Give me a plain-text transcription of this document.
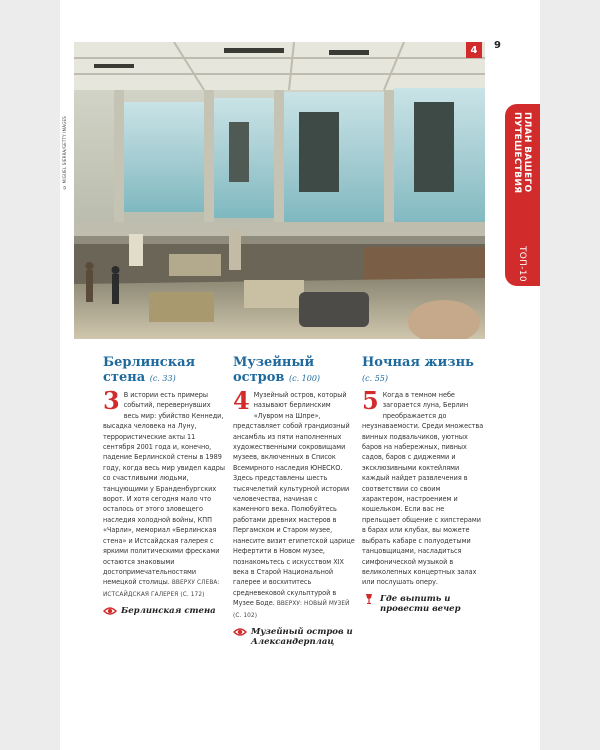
© MIGUEL SIERRA/GETTY IMAGES
4	9
ПЛАН ВАШЕГО ПУТЕШЕСТВИЯ
ТОП-10

Берлинская стена (с. 33)

3 В истории есть примеры событий, перевернувших весь мир: убийство Кеннеди, высадка человека на Луну, террористические акты 11 сентября 2001 года и, конечно, падение Берлинской стены в 1989 году, когда весь мир увидел кадры со счастливыми людьми, танцующими у Бранденбургских ворот. И хотя сегодня мало что осталось от этого зловещего наследия холодной войны, КПП «Чарли», мемориал «Берлинская стена» и Истсайдская галерея с яркими политическими фресками остаются знаковыми достопримечательностями немецкой столицы. ВВЕРХУ СЛЕВА: ИСТСАЙДСКАЯ ГАЛЕРЕЯ (С. 172)

Берлинская стена

Музейный остров (с. 100)

4 Музейный остров, который называют берлинским «Лувром на Шпре», представляет собой грандиозный ансамбль из пяти наполненных художественными сокровищами музеев, включенных в Список Всемирного наследия ЮНЕСКО. Здесь представлены шесть тысячелетий культурной истории человечества, начиная с каменного века. Полюбуйтесь работами древних мастеров в Пергамском и Старом музее, нанесите визит египетской царице Нефертити в Новом музее, познакомьтесь с искусством XIX века в Старой Национальной галерее и восхититесь средневековой скульптурой в Музее Боде. ВВЕРХУ: НОВЫЙ МУЗЕЙ (С. 102)

Музейный остров и Александерплац

Ночная жизнь (с. 55)

5 Когда в темном небе загорается луна, Берлин преображается до неузнаваемости. Среди множества винных подвальчиков, уютных баров на набережных, пивных садов, баров с диджеями и эксклюзивными коктейлями каждый найдет развлечения в соответствии со своим характером, настроением и кошельком. Если вас не прельщает общение с хипстерами в барах или клубах, вы можете выбрать кабаре с полуодетыми танцовщицами, насладиться симфонической музыкой в великолепных концертных залах или послушать оперу.

Где выпить и провести вечер
